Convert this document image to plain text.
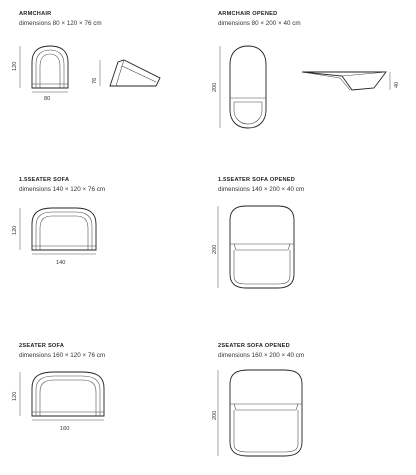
ARMCHAIR
dimensions 80 × 120 × 76 cm
120
80
76
ARMCHAIR OPENED
dimensions 80 × 200 × 40 cm
200	40
1.5SEATER SOFA
dimensions 140 × 120 × 76 cm
120
140
1.5SEATER SOFA OPENED
dimensions 140 × 200 × 40 cm
200
2SEATER SOFA
dimensions 160 × 120 × 76 cm
120
160
2SEATER SOFA OPENED
dimensions 160 × 200 × 40 cm
200
